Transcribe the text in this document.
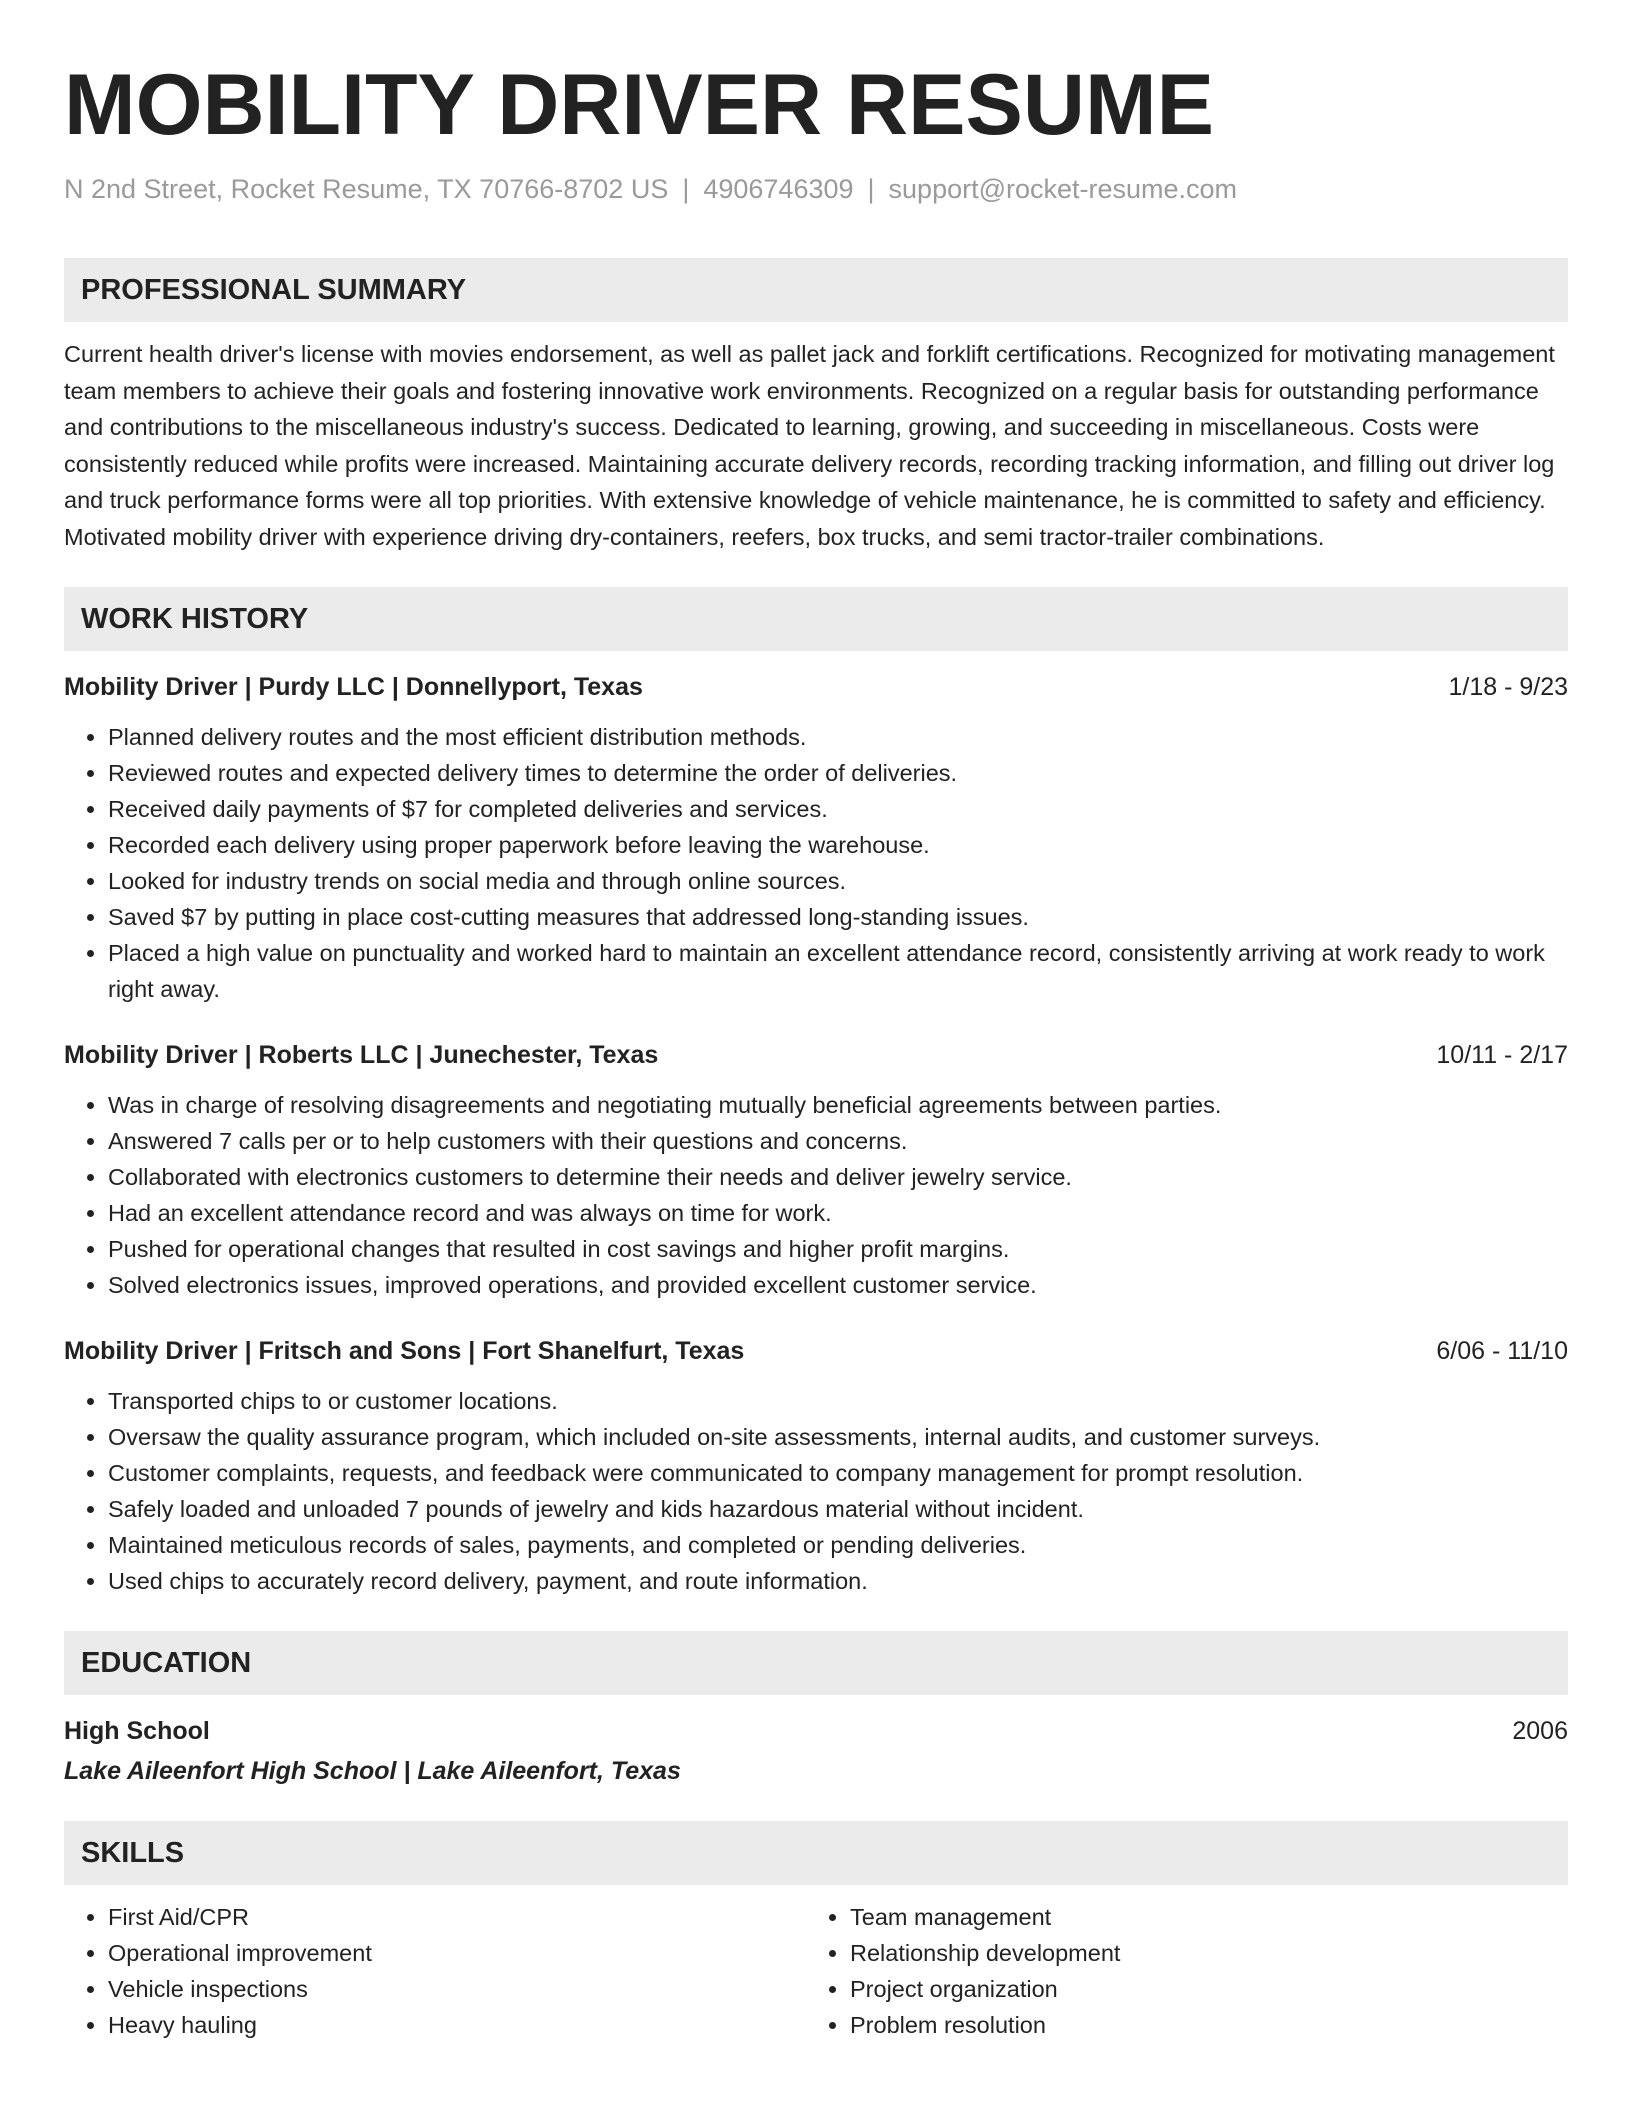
MOBILITY DRIVER RESUME
N 2nd Street, Rocket Resume, TX 70766-8702 US | 4906746309 | support@rocket-resume.com
PROFESSIONAL SUMMARY
Current health driver's license with movies endorsement, as well as pallet jack and forklift certifications. Recognized for motivating management team members to achieve their goals and fostering innovative work environments. Recognized on a regular basis for outstanding performance and contributions to the miscellaneous industry's success. Dedicated to learning, growing, and succeeding in miscellaneous. Costs were consistently reduced while profits were increased. Maintaining accurate delivery records, recording tracking information, and filling out driver log and truck performance forms were all top priorities. With extensive knowledge of vehicle maintenance, he is committed to safety and efficiency. Motivated mobility driver with experience driving dry-containers, reefers, box trucks, and semi tractor-trailer combinations.
WORK HISTORY
Mobility Driver | Purdy LLC | Donnellyport, Texas	1/18 - 9/23
• Planned delivery routes and the most efficient distribution methods.
• Reviewed routes and expected delivery times to determine the order of deliveries.
• Received daily payments of $7 for completed deliveries and services.
• Recorded each delivery using proper paperwork before leaving the warehouse.
• Looked for industry trends on social media and through online sources.
• Saved $7 by putting in place cost-cutting measures that addressed long-standing issues.
• Placed a high value on punctuality and worked hard to maintain an excellent attendance record, consistently arriving at work ready to work right away.
Mobility Driver | Roberts LLC | Junechester, Texas	10/11 - 2/17
• Was in charge of resolving disagreements and negotiating mutually beneficial agreements between parties.
• Answered 7 calls per or to help customers with their questions and concerns.
• Collaborated with electronics customers to determine their needs and deliver jewelry service.
• Had an excellent attendance record and was always on time for work.
• Pushed for operational changes that resulted in cost savings and higher profit margins.
• Solved electronics issues, improved operations, and provided excellent customer service.
Mobility Driver | Fritsch and Sons | Fort Shanelfurt, Texas	6/06 - 11/10
• Transported chips to or customer locations.
• Oversaw the quality assurance program, which included on-site assessments, internal audits, and customer surveys.
• Customer complaints, requests, and feedback were communicated to company management for prompt resolution.
• Safely loaded and unloaded 7 pounds of jewelry and kids hazardous material without incident.
• Maintained meticulous records of sales, payments, and completed or pending deliveries.
• Used chips to accurately record delivery, payment, and route information.
EDUCATION
High School	2006
Lake Aileenfort High School | Lake Aileenfort, Texas
SKILLS
• First Aid/CPR
• Operational improvement
• Vehicle inspections
• Heavy hauling
• Team management
• Relationship development
• Project organization
• Problem resolution
